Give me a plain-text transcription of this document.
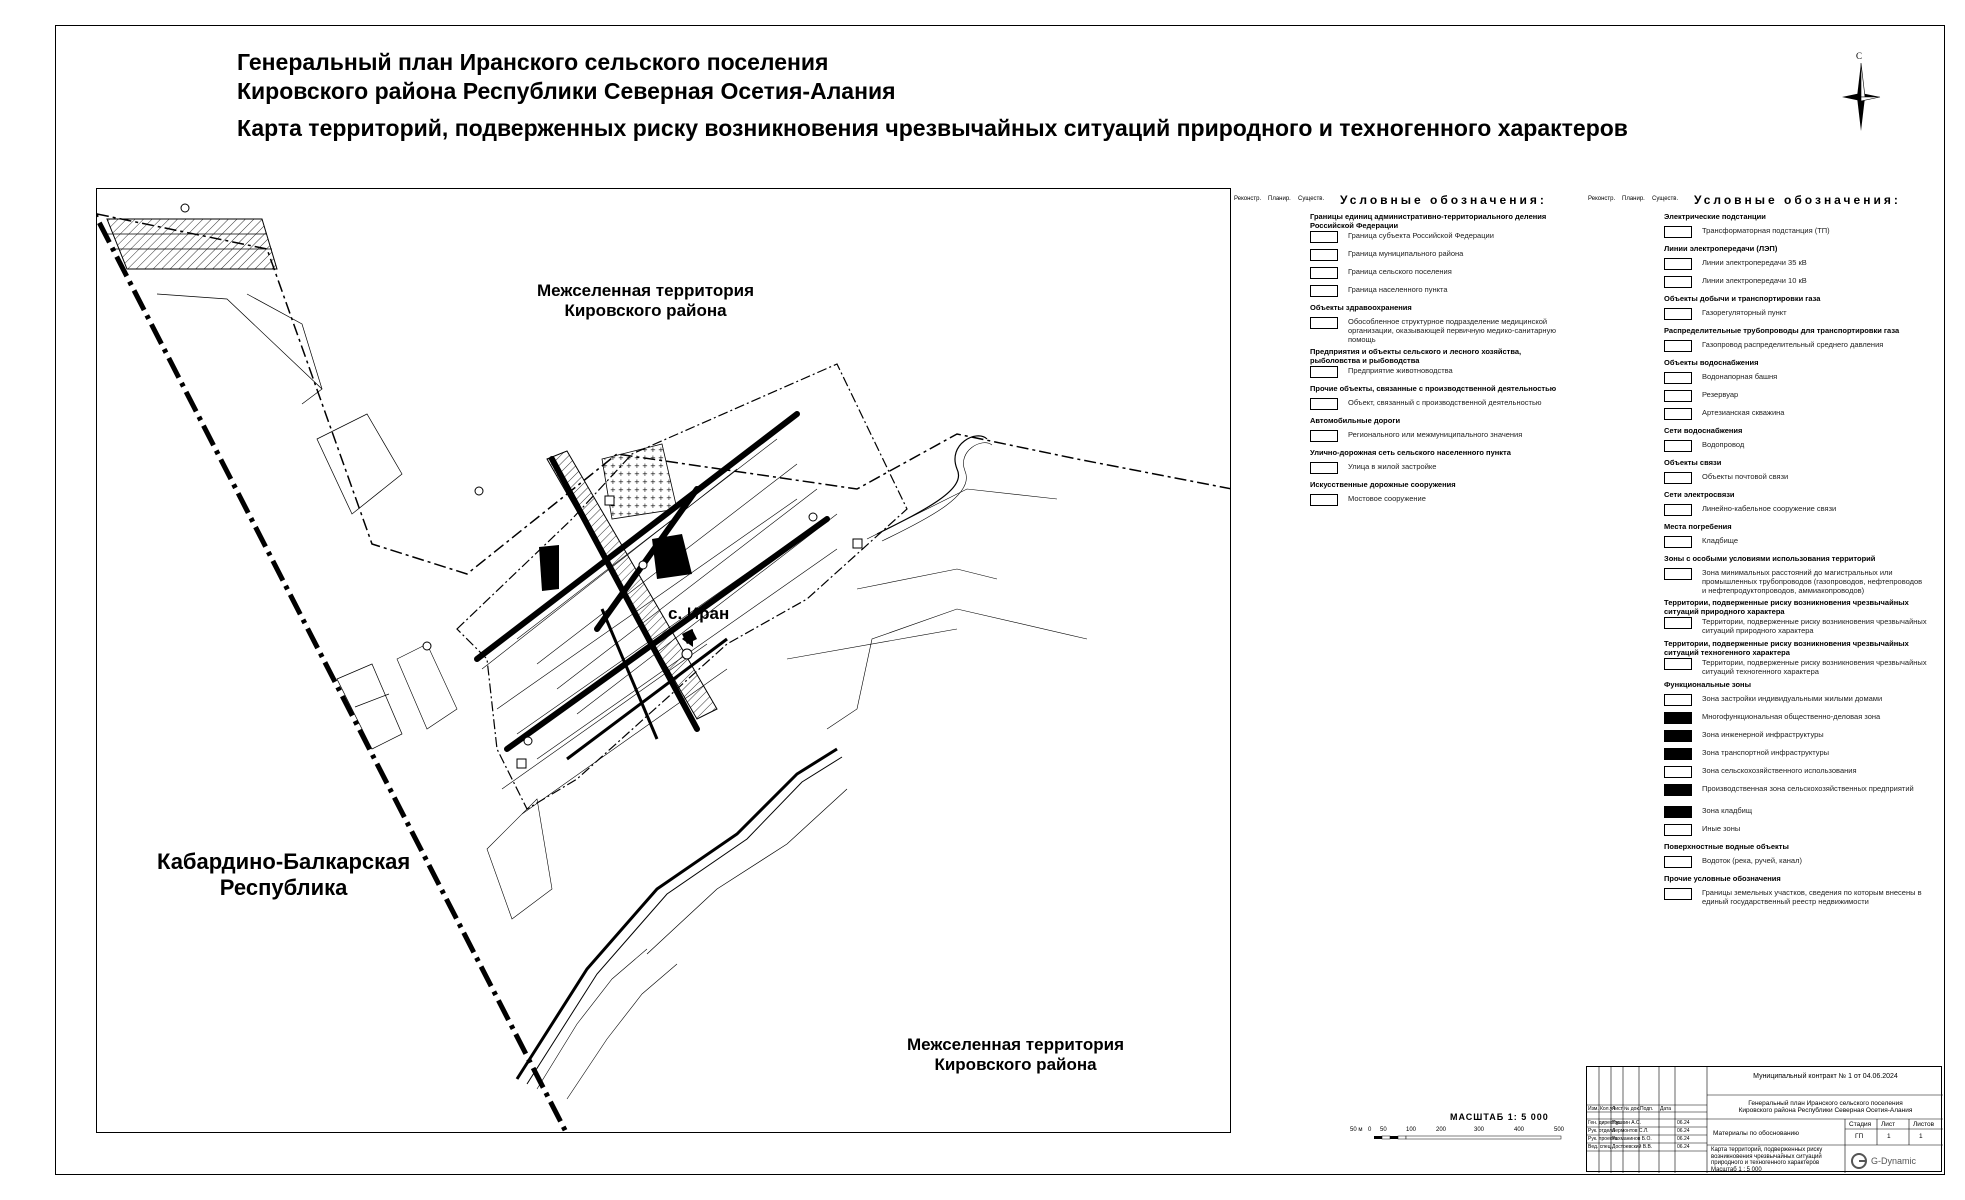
Генеральный план Иранского сельского поселения
Кировского района Республики Северная Осетия-Алания
Карта территорий, подверженных риску возникновения чрезвычайных ситуаций природного и техногенного характеров
С
Межселенная территория
Кировского района
с. Иран
Кабардино-Балкарская
Республика
Межселенная территория
Кировского района
Реконстр. Планир. Существ. Условные обозначения:
Границы единиц административно-территориального деления Российской Федерации
Граница субъекта Российской Федерации
Граница муниципального района
Граница сельского поселения
Граница населенного пункта
Объекты здравоохранения
Обособленное структурное подразделение медицинской организации, оказывающей первичную медико-санитарную помощь
Предприятия и объекты сельского и лесного хозяйства, рыболовства и рыбоводства
Предприятие животноводства
Прочие объекты, связанные с производственной деятельностью
Объект, связанный с производственной деятельностью
Автомобильные дороги
Регионального или межмуниципального значения
Улично-дорожная сеть сельского населенного пункта
Улица в жилой застройке
Искусственные дорожные сооружения
Мостовое сооружение
Реконстр. Планир. Существ. Условные обозначения:
Электрические подстанции
Трансформаторная подстанция (ТП)
Линии электропередачи (ЛЭП)
Линии электропередачи 35 кВ
Линии электропередачи 10 кВ
Объекты добычи и транспортировки газа
Газорегуляторный пункт
Распределительные трубопроводы для транспортировки газа
Газопровод распределительный среднего давления
Объекты водоснабжения
Водонапорная башня
Резервуар
Артезианская скважина
Сети водоснабжения
Водопровод
Объекты связи
Объекты почтовой связи
Сети электросвязи
Линейно-кабельное сооружение связи
Места погребения
Кладбище
Зоны с особыми условиями использования территорий
Зона минимальных расстояний до магистральных или промышленных трубопроводов (газопроводов, нефтепроводов и нефтепродуктопроводов, аммиакопроводов)
Территории, подверженные риску возникновения чрезвычайных ситуаций природного характера
Территории, подверженные риску возникновения чрезвычайных ситуаций природного характера
Территории, подверженные риску возникновения чрезвычайных ситуаций техногенного характера
Территории, подверженные риску возникновения чрезвычайных ситуаций техногенного характера
Функциональные зоны
Зона застройки индивидуальными жилыми домами
Многофункциональная общественно-деловая зона
Зона инженерной инфраструктуры
Зона транспортной инфраструктуры
Зона сельскохозяйственного использования
Производственная зона сельскохозяйственных предприятий
Зона кладбищ
Иные зоны
Поверхностные водные объекты
Водоток (река, ручей, канал)
Прочие условные обозначения
Границы земельных участков, сведения по которым внесены в единый государственный реестр недвижимости
МАСШТАБ 1: 5 000
50 м 0 50	100	200	300	400	500
Муниципальный контракт № 1 от 04.06.2024
Генеральный план Иранского сельского поселения
Кировского района Республики Северная Осетия-Алания
Изм. Кол.уч
Лист № док. Подп. Дата
Ген. директор
Пушкин А.С.	06.24
Рук. отдела
Лермонтов С.Л.	06.24
Рук. проекта
Рахманинов Б.О.	06.24
Вед. спец. Достоевский В.В.	06.24
Материалы по обоснованию
Стадия Лист	Листов
ГП	1	1
Карта территорий, подверженных риску возникновения чрезвычайных ситуаций природного и техногенного характеров
Масштаб 1 : 5 000
G-Dynamic
